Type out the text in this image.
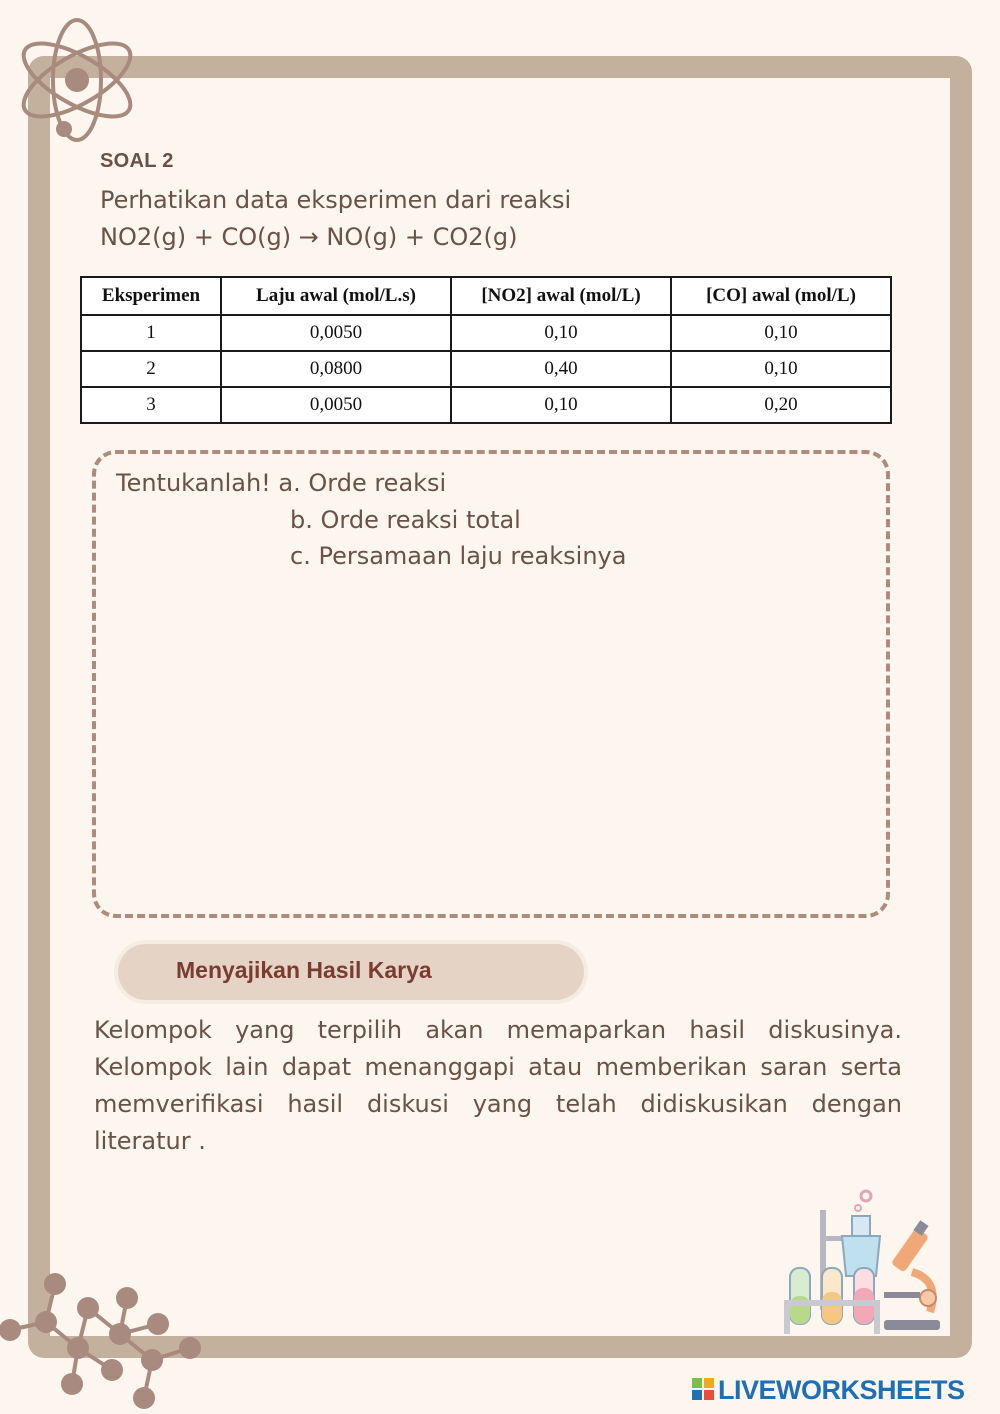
SOAL 2
Perhatikan data eksperimen dari reaksi
NO2(g) + CO(g) → NO(g) + CO2(g)
Eksperimen	Laju awal (mol/L.s)	[NO2] awal (mol/L)	[CO] awal (mol/L)
1	0,0050	0,10	0,10
2	0,0800	0,40	0,10
3	0,0050	0,10	0,20
Tentukanlah! a. Orde reaksi
b. Orde reaksi total
c. Persamaan laju reaksinya
Menyajikan Hasil Karya
Kelompok yang terpilih akan memaparkan hasil diskusinya. Kelompok lain dapat menanggapi atau memberikan saran serta memverifikasi hasil diskusi yang telah didiskusikan dengan literatur .
LIVEWORKSHEETS
